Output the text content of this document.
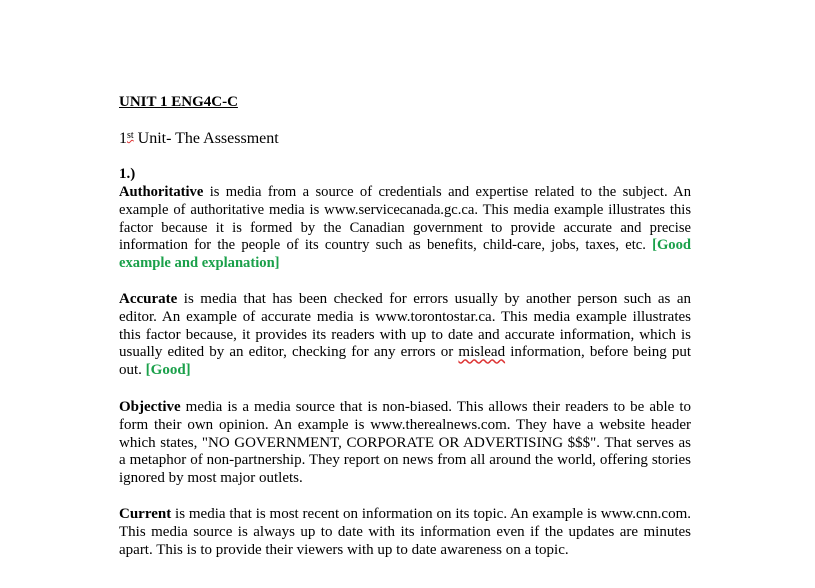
UNIT 1 ENG4C-C
1st Unit- The Assessment
1.)
Authoritative is media from a source of credentials and expertise related to the subject. An example of authoritative media is www.servicecanada.gc.ca. This media example illustrates this factor because it is formed by the Canadian government to provide accurate and precise information for the people of its country such as benefits, child-care, jobs, taxes, etc. [Good example and explanation]
Accurate is media that has been checked for errors usually by another person such as an editor. An example of accurate media is www.torontostar.ca. This media example illustrates this factor because, it provides its readers with up to date and accurate information, which is usually edited by an editor, checking for any errors or mislead information, before being put out. [Good]
Objective media is a media source that is non-biased. This allows their readers to be able to form their own opinion. An example is www.therealnews.com. They have a website header which states, "NO GOVERNMENT, CORPORATE OR ADVERTISING $$$". That serves as a metaphor of non-partnership. They report on news from all around the world, offering stories ignored by most major outlets.
Current is media that is most recent on information on its topic. An example is www.cnn.com. This media source is always up to date with its information even if the updates are minutes apart. This is to provide their viewers with up to date awareness on a topic.
